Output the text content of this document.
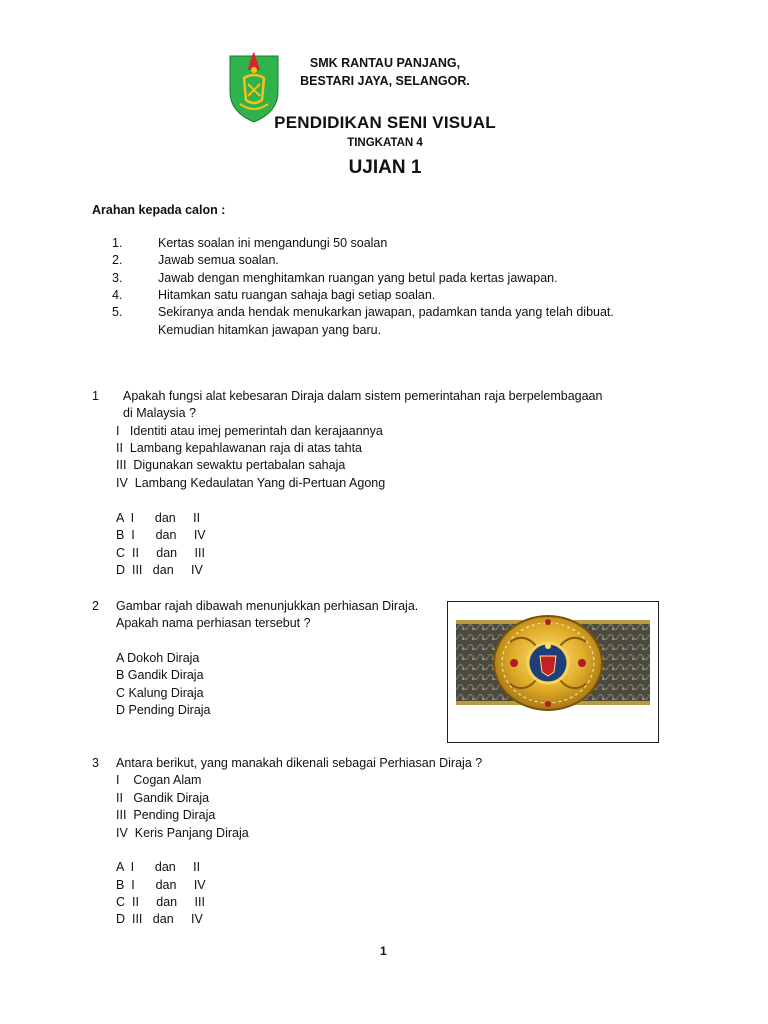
SMK RANTAU PANJANG,
BESTARI JAYA, SELANGOR.
PENDIDIKAN SENI VISUAL
TINGKATAN 4
UJIAN 1
Arahan kepada calon :
1.	Kertas soalan ini mengandungi 50 soalan
2.	Jawab semua soalan.
3.	Jawab dengan menghitamkan ruangan yang betul pada kertas jawapan.
4.	Hitamkan satu ruangan sahaja bagi setiap soalan.
5.	Sekiranya anda hendak menukarkan jawapan, padamkan tanda yang telah dibuat.
Kemudian hitamkan jawapan yang baru.
1 Apakah fungsi alat kebesaran Diraja dalam sistem pemerintahan raja berpelembagaan
di Malaysia ?
I   Identiti atau imej pemerintah dan kerajaannya
II  Lambang kepahlawanan raja di atas tahta
III  Digunakan sewaktu pertabalan sahaja
IV  Lambang Kedaulatan Yang di-Pertuan Agong
A  I      dan     II
B  I      dan     IV
C  II     dan     III
D  III   dan     IV
2 Gambar rajah dibawah menunjukkan perhiasan Diraja.
Apakah nama perhiasan tersebut ?
A Dokoh Diraja
B Gandik Diraja
C Kalung Diraja
D Pending Diraja
3 Antara berikut, yang manakah dikenali sebagai Perhiasan Diraja ?
I    Cogan Alam
II   Gandik Diraja
III  Pending Diraja
IV  Keris Panjang Diraja
A  I      dan     II
B  I      dan     IV
C  II     dan     III
D  III   dan     IV
1
